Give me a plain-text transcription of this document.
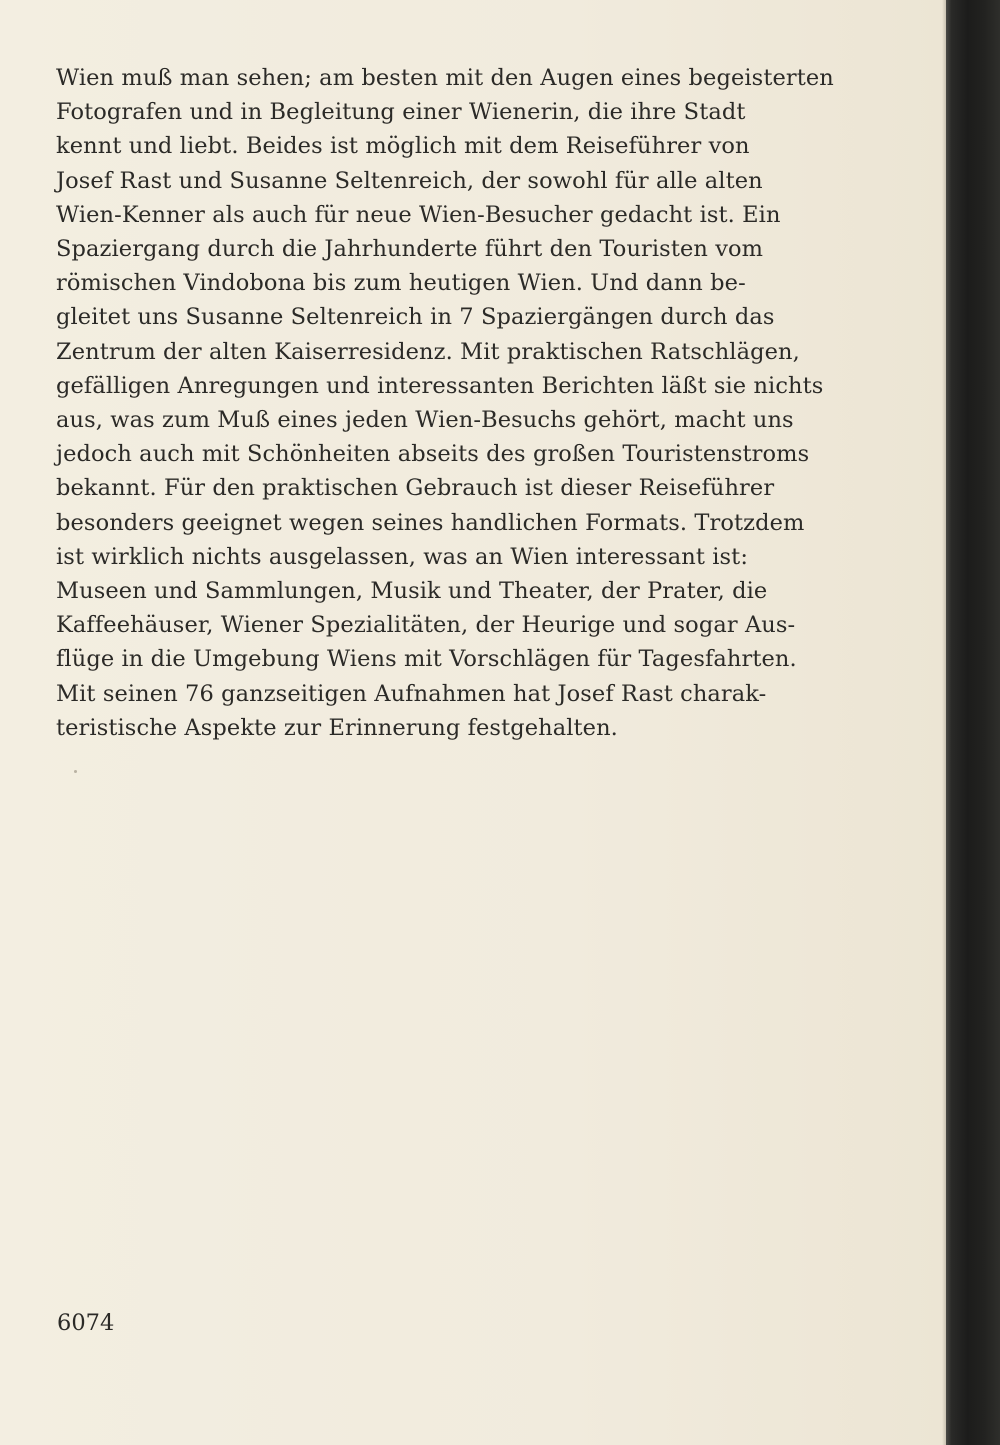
Wien muß man sehen; am besten mit den Augen eines begeisterten
Fotografen und in Begleitung einer Wienerin, die ihre Stadt
kennt und liebt. Beides ist möglich mit dem Reiseführer von
Josef Rast und Susanne Seltenreich, der sowohl für alle alten
Wien-Kenner als auch für neue Wien-Besucher gedacht ist. Ein
Spaziergang durch die Jahrhunderte führt den Touristen vom
römischen Vindobona bis zum heutigen Wien. Und dann be-
gleitet uns Susanne Seltenreich in 7 Spaziergängen durch das
Zentrum der alten Kaiserresidenz. Mit praktischen Ratschlägen,
gefälligen Anregungen und interessanten Berichten läßt sie nichts
aus, was zum Muß eines jeden Wien-Besuchs gehört, macht uns
jedoch auch mit Schönheiten abseits des großen Touristenstroms
bekannt. Für den praktischen Gebrauch ist dieser Reiseführer
besonders geeignet wegen seines handlichen Formats. Trotzdem
ist wirklich nichts ausgelassen, was an Wien interessant ist:
Museen und Sammlungen, Musik und Theater, der Prater, die
Kaffeehäuser, Wiener Spezialitäten, der Heurige und sogar Aus-
flüge in die Umgebung Wiens mit Vorschlägen für Tagesfahrten.
Mit seinen 76 ganzseitigen Aufnahmen hat Josef Rast charak-
teristische Aspekte zur Erinnerung festgehalten.

6074
